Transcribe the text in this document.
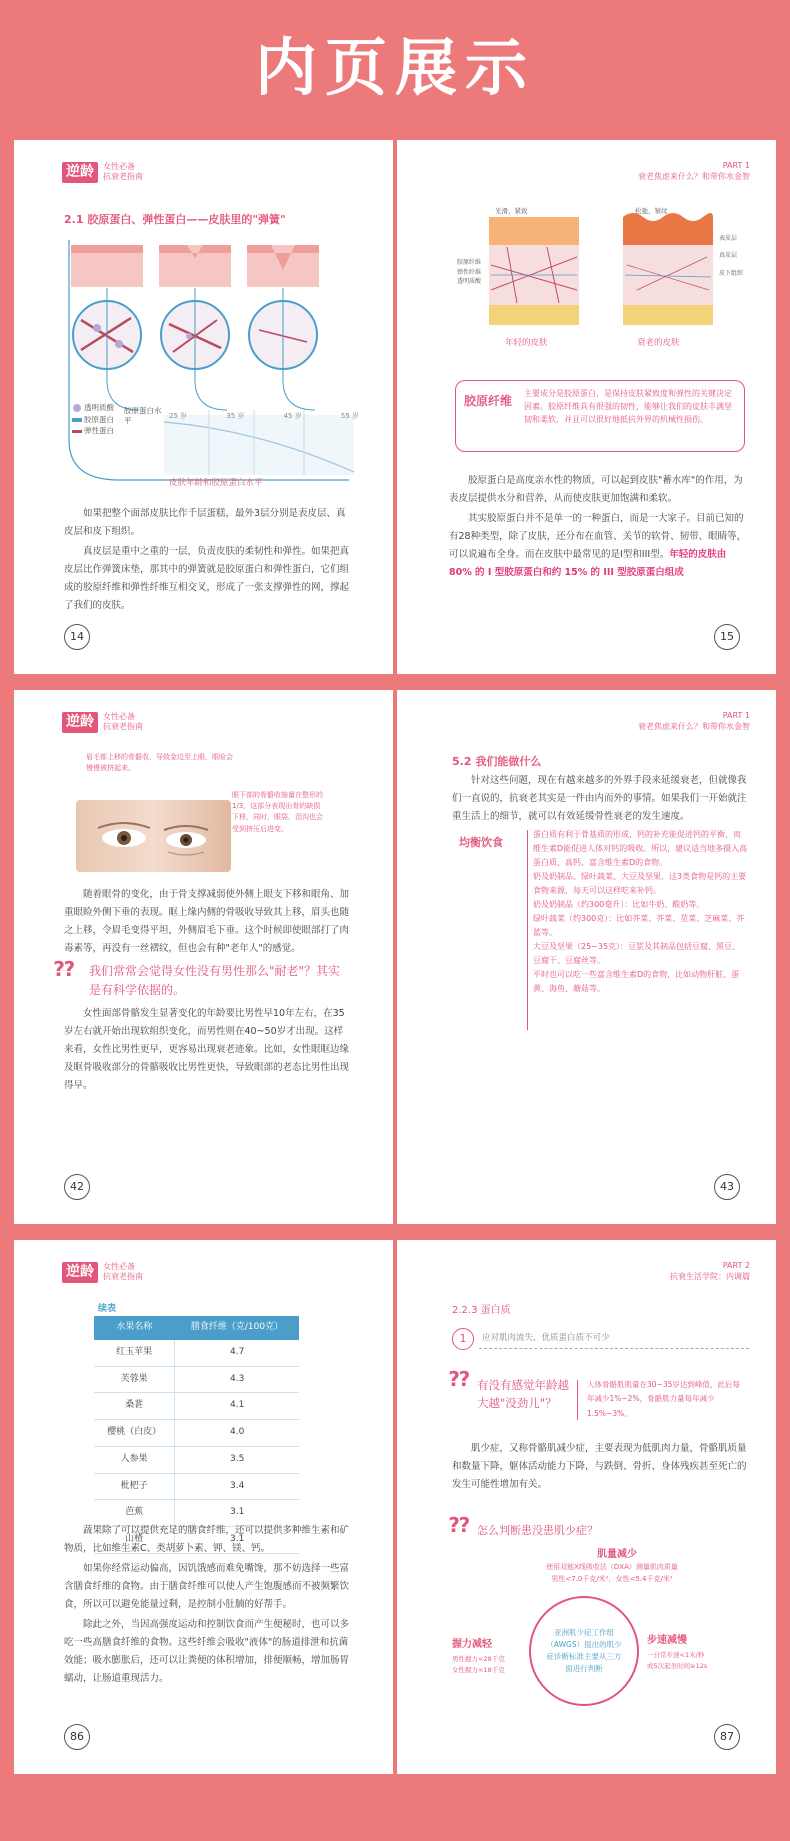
内页展示
逆龄	女性必备
抗衰老指南
2.1 胶原蛋白、弹性蛋白——皮肤里的"弹簧"
透明质酸
胶原蛋白
弹性蛋白
胶原蛋白水平	25 岁	35 岁	45 岁	55 岁
皮肤年龄和胶原蛋白水平

如果把整个面部皮肤比作千层蛋糕，最外3层分别是表皮层、真皮层和皮下组织。

真皮层是重中之重的一层，负责皮肤的柔韧性和弹性。如果把真皮层比作弹簧床垫，那其中的弹簧就是胶原蛋白和弹性蛋白，它们组成的胶原纤维和弹性纤维互相交叉，形成了一张支撑弹性的网，撑起了我们的皮肤。

14
PART 1
衰老焦虑来什么？和带你水金智
光滑、紧致
胶原纤维
弹性纤维
透明质酸
松弛、皱纹
表皮层
真皮层
皮下组织
年轻的皮肤	衰老的皮肤
胶原纤维
主要成分是胶原蛋白，是保持皮肤紧致度和弹性的关键决定因素。胶原纤维具有很强的韧性，能够让我们的皮肤丰满坚韧和柔软，并且可以很好地抵抗外界的机械性损伤。

胶原蛋白是高度亲水性的物质，可以起到皮肤"蓄水库"的作用，为表皮层提供水分和营养，从而使皮肤更加饱满和柔软。

其实胶原蛋白并不是单一的一种蛋白，而是一大家子。目前已知的有28种类型，除了皮肤，还分布在血管、关节的软骨、韧带、眼睛等，可以说遍布全身。而在皮肤中最常见的是I型和III型。年轻的皮肤由 80% 的 I 型胶原蛋白和约 15% 的 III 型胶原蛋白组成

15
逆龄	女性必备
抗衰老指南
眉毛都上移的骨骼收，导致金边至上眼，眼睑会慢慢被挤起来。
眼下部的骨骼收缩量在整形的1/3，这部分表现出骨的缺损下移，同时，眼袋，泪沟也会受到挤压后进变。

随着眼骨的变化，由于骨支撑减弱使外侧上眼支下移和眼角、加重眼睑外侧下垂的表现。眶上缘内侧的骨吸收导致其上移，眉头也随之上移，令眉毛变得平坦，外侧眉毛下垂。这个时候即使眼部打了肉毒素等，再没有一丝褶纹，但也会有种"老年人"的感觉。

⁇ 我们常常会觉得女性没有男性那么"耐老"？其实是有科学依据的。

女性面部骨骼发生显著变化的年龄要比男性早10年左右，在35岁左右就开始出现软组织变化，而男性则在40~50岁才出现。这样来看，女性比男性更早，更容易出现衰老迹象。比如，女性眼眶边缘及眶骨吸收部分的骨骼吸收比男性更快，导致眼部的老态比男性出现得早。

42
PART 1
衰老焦虑来什么？和带你水金智
5.2 我们能做什么

针对这些问题，现在有越来越多的外界手段来延缓衰老，但就像我们一直说的，抗衰老其实是一件由内而外的事情。如果我们一开始就注重生活上的细节，就可以有效延缓骨性衰老的发生速度。

均衡饮食
蛋白质有利于骨基质的形成，钙的补充能促进钙的平衡，而维生素D能促进人体对钙的吸收。所以，建议适当地多摄入高蛋白质、高钙、富含维生素D的食物。
奶及奶制品、绿叶蔬菜、大豆及坚果，这3类食物是钙的主要食物来源，每天可以这样吃来补钙。
奶及奶制品（约300毫升）：比如牛奶、酸奶等。
绿叶蔬菜（约300克）：比如芥菜、芥菜、苋菜、芝麻菜、芥蓝等。
大豆及坚果（25~35克）：豆浆及其制品包括豆腐、黑豆、豆腐干、豆腐丝等。
平时也可以吃一些富含维生素D的食物，比如动物肝脏、蛋黄、海鱼、蘑菇等。
43
逆龄	女性必备
抗衰老指南
续表
水果名称	膳食纤维（克/100克）
红玉苹果	4.7
芙蓉果	4.3
桑葚	4.1
樱桃（白皮）	4.0
人参果	3.5
枇杷子	3.4
芭蕉	3.1
山楂	3.1

蔬果除了可以提供充足的膳食纤维，还可以提供多种维生素和矿物质，比如维生素C、类胡萝卜素、钾、镁、钙。

如果你经常运动偏高，因饥饿感而难免嘴馋，那不妨选择一些富含膳食纤维的食物。由于膳食纤维可以使人产生饱腹感而不被频繁饮食，所以可以避免能量过剩，是控制小肚腩的好帮手。

除此之外，当因高强度运动和控制饮食而产生便秘时，也可以多吃一些高膳食纤维的食物。这些纤维会吸收"液体"的肠道排泄和抗菌效能；吸水膨胀后，还可以让粪便的体积增加，排便顺畅，增加肠胃蠕动，让肠道重现活力。

86
PART 2
抗衰生活学院：内调篇
2.2.3 蛋白质
1	应对肌肉流失，优质蛋白质不可少
⁇ 有没有感觉年龄越大越"没劲儿"？
人体骨骼肌肌量在30~35岁达到峰值，此后每年减少1%~2%，骨骼肌力量每年减少1.5%~3%。

肌少症，又称骨骼肌减少症，主要表现为低肌肉力量，骨骼肌质量和数量下降，躯体活动能力下降，与跌倒、骨折、身体残疾甚至死亡的发生可能性增加有关。

⁇ 怎么判断患没患肌少症？
肌量减少
使用双能X线吸收法（DXA）测量肌肉质量
男性<7.0千克/米²，女性<5.4千克/米²
亚洲肌少症工作组（AWGS）提出的肌少症诊断标准主要从三方面进行判断
握力减轻
男性握力<28千克
女性握力<18千克
步速减慢
一日常步速<1米/秒
或5次起坐时间≥12s
87
